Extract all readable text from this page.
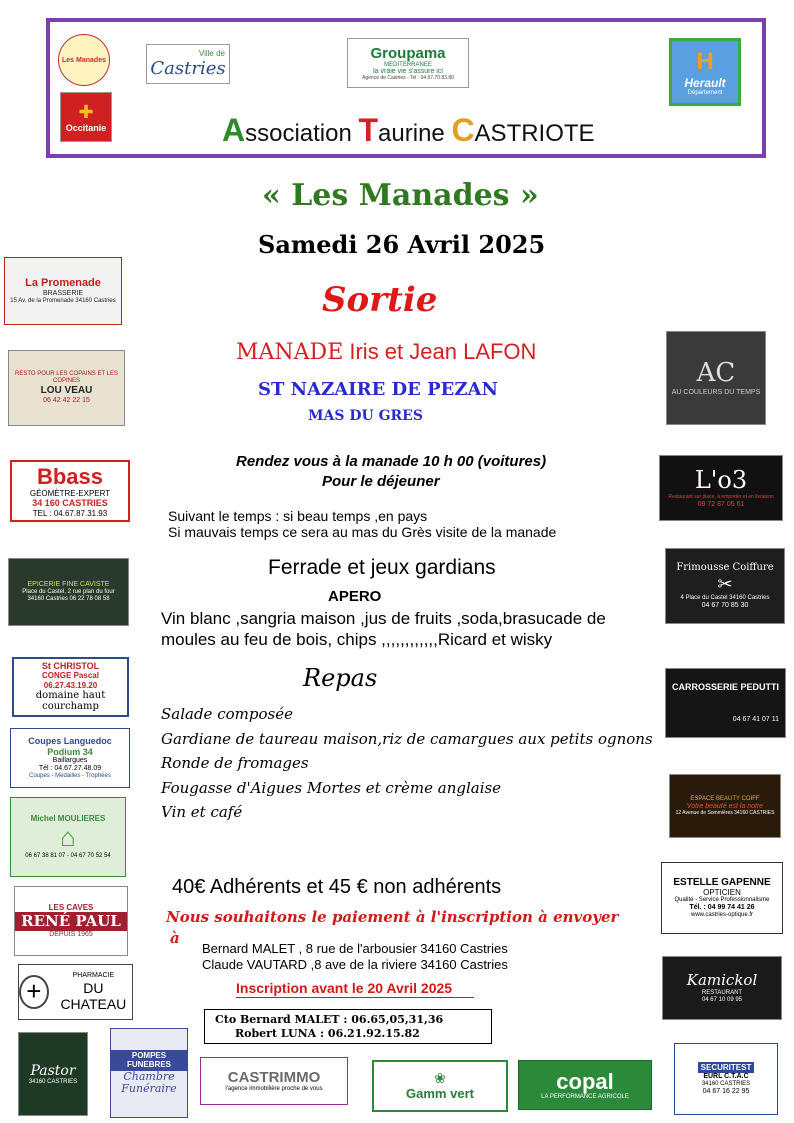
Les Manades
✚
Occitanie
Ville de
Castries
Groupama
MEDITERRANEE
la vraie vie s'assure ici
Agence de Castries - Tel : 04.67.70.83.80
H
Herault
Département
Association Taurine CASTRIOTE
« Les Manades »
Samedi 26 Avril 2025
Sortie
MANADE Iris et Jean LAFON
ST NAZAIRE DE PEZAN
MAS DU GRES
Rendez vous à la manade 10 h 00 (voitures)
Pour le déjeuner
Suivant le temps : si beau temps ,en pays
Si mauvais temps ce sera au mas du Grès visite de la manade
Ferrade et jeux gardians
APERO
Vin blanc ,sangria maison ,jus de fruits ,soda,brasucade de moules au feu de bois, chips ,,,,,,,,,,,,Ricard et wisky
Repas
Salade composée
Gardiane de taureau maison,riz de camargues aux petits ognons
Ronde de fromages
Fougasse d'Aigues Mortes et crème anglaise
Vin et café
40€ Adhérents et 45 € non adhérents
Nous souhaitons le paiement à l'inscription à envoyer
à
Bernard MALET , 8 rue de l'arbousier 34160 Castries
Claude VAUTARD ,8 ave de la riviere 34160 Castries
Inscription avant le 20 Avril 2025
Cto Bernard MALET : 06.65,05,31,36
Robert LUNA : 06.21.92.15.82
La Promenade
BRASSERIE
15 Av. de la Promenade 34160 Castries
RESTO POUR LES COPAINS ET LES COPINES
LOU VEAU
06 42 42 22 15
Bbass
GÉOMÈTRE-EXPERT
34 160 CASTRIES
TEL : 04.67.87.31.93
EPICERIE FINE CAVISTE
Place du Castel, 2 rue plan du four
34160 Castries 06 22 78 08 58
St CHRISTOL
CONGE Pascal
06.27.43.19.20
domaine haut courchamp
Coupes Languedoc
Podium 34
Baillargues
Tél : 04.67.27.48.09
Coupes - Medailles - Trophées
Michel MOULIERES
⌂
06 67 38 81 07 - 04 67 70 52 54
LES CAVES
RENÉ PAUL
DEPUIS 1965
+
PHARMACIE
DU CHATEAU
Pastor
34160 CASTRIES
POMPES FUNEBRES
Chambre Funéraire
AC
AU COULEURS DU TEMPS
L'o3
Restaurant sur place, à emporter et en livraison
09 72 87 05 61
Frimousse Coiffure
✂
4 Place du Castel 34160 Castries
04 67 70 85 30
CARROSSERIE PEDUTTI
04 67 41 07 11
ESPACE BEAUTY COIFF
Votre beauté est la notre
12 Avenue de Sommières 34160 CASTRIES
ESTELLE GAPENNE
OPTICIEN
Qualité - Service Professionnalisme
Tél. : 04 99 74 41 26
www.castries-optique.fr
Kamickol
RESTAURANT
04 67 10 09 95
SECURITEST
EURL C.T.A.C
34160 CASTRIES
04 67 16 22 95
CASTRIMMO
l'agence immobilière proche de vous
❀
Gamm vert	copal
LA PERFORMANCE AGRICOLE
